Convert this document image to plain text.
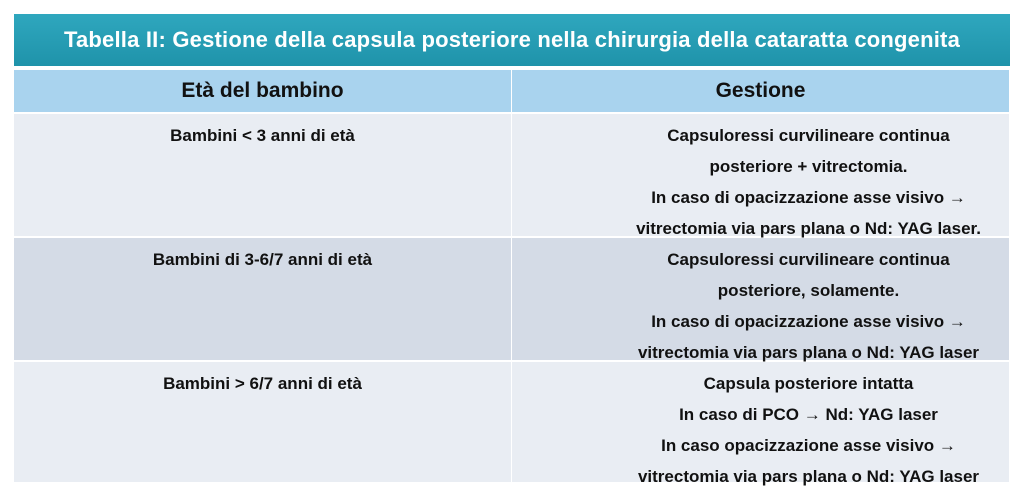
Tabella II: Gestione della capsula posteriore nella chirurgia della cataratta congenita
Età del bambino	Gestione
Bambini < 3 anni di età	Capsuloressi curvilineare continua
posteriore + vitrectomia.
In caso di opacizzazione asse visivo →
vitrectomia via pars plana o Nd: YAG laser.
Bambini di 3-6/7 anni di età	Capsuloressi curvilineare continua
posteriore, solamente.
In caso di opacizzazione asse visivo →
vitrectomia via pars plana o Nd: YAG laser
Bambini > 6/7 anni di età	Capsula posteriore intatta
In caso di PCO → Nd: YAG laser
In caso opacizzazione asse visivo →
vitrectomia via pars plana o Nd: YAG laser
